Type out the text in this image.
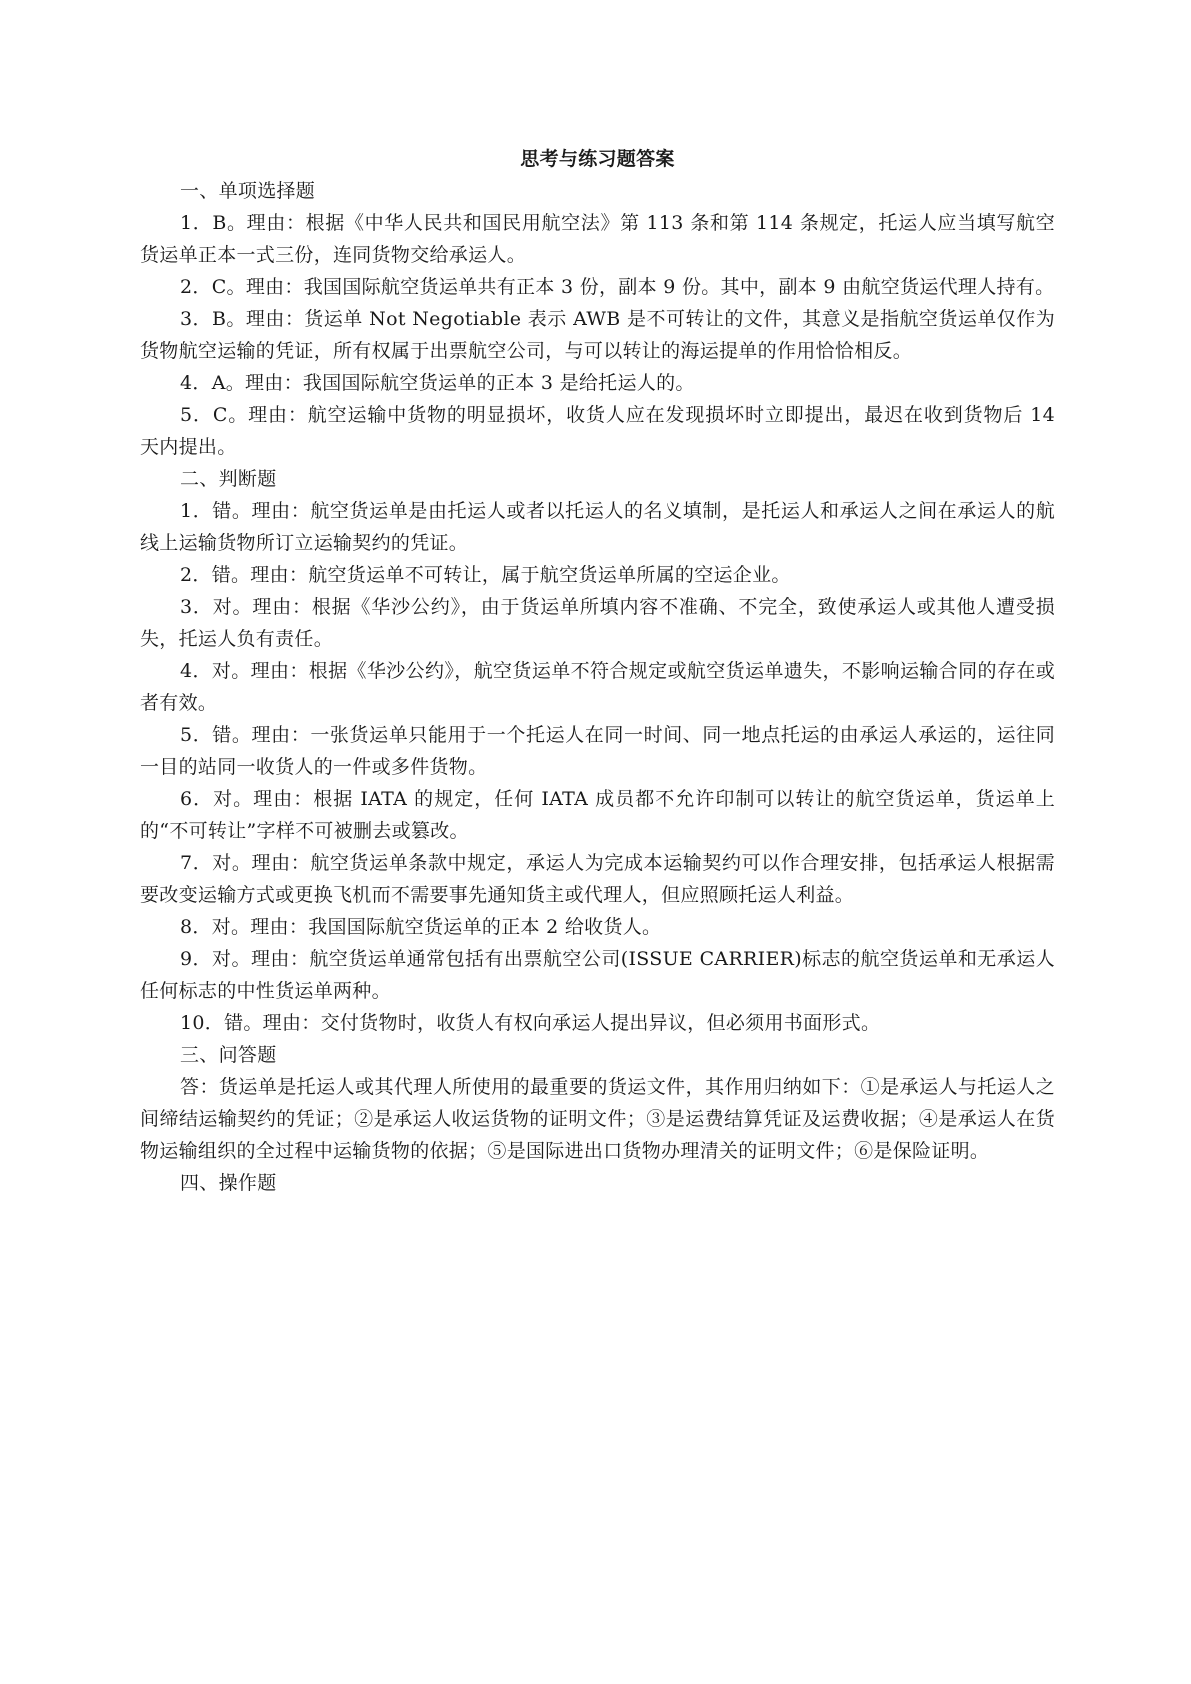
思考与练习题答案

一、单项选择题

1．B。理由：根据《中华人民共和国民用航空法》第 113 条和第 114 条规定，托运人应当填写航空货运单正本一式三份，连同货物交给承运人。

2．C。理由：我国国际航空货运单共有正本 3 份，副本 9 份。其中，副本 9 由航空货运代理人持有。

3．B。理由：货运单 Not Negotiable 表示 AWB 是不可转让的文件，其意义是指航空货运单仅作为货物航空运输的凭证，所有权属于出票航空公司，与可以转让的海运提单的作用恰恰相反。

4．A。理由：我国国际航空货运单的正本 3 是给托运人的。

5．C。理由：航空运输中货物的明显损坏，收货人应在发现损坏时立即提出，最迟在收到货物后 14 天内提出。

二、判断题

1．错。理由：航空货运单是由托运人或者以托运人的名义填制，是托运人和承运人之间在承运人的航线上运输货物所订立运输契约的凭证。

2．错。理由：航空货运单不可转让，属于航空货运单所属的空运企业。

3．对。理由：根据《华沙公约》，由于货运单所填内容不准确、不完全，致使承运人或其他人遭受损失，托运人负有责任。

4．对。理由：根据《华沙公约》，航空货运单不符合规定或航空货运单遗失，不影响运输合同的存在或者有效。

5．错。理由：一张货运单只能用于一个托运人在同一时间、同一地点托运的由承运人承运的，运往同一目的站同一收货人的一件或多件货物。

6．对。理由：根据 IATA 的规定，任何 IATA 成员都不允许印制可以转让的航空货运单，货运单上的“不可转让”字样不可被删去或篡改。

7．对。理由：航空货运单条款中规定，承运人为完成本运输契约可以作合理安排，包括承运人根据需要改变运输方式或更换飞机而不需要事先通知货主或代理人，但应照顾托运人利益。

8．对。理由：我国国际航空货运单的正本 2 给收货人。

9．对。理由：航空货运单通常包括有出票航空公司(ISSUE CARRIER)标志的航空货运单和无承运人任何标志的中性货运单两种。

10．错。理由：交付货物时，收货人有权向承运人提出异议，但必须用书面形式。

三、问答题

答：货运单是托运人或其代理人所使用的最重要的货运文件，其作用归纳如下：①是承运人与托运人之间缔结运输契约的凭证；②是承运人收运货物的证明文件；③是运费结算凭证及运费收据；④是承运人在货物运输组织的全过程中运输货物的依据；⑤是国际进出口货物办理清关的证明文件；⑥是保险证明。

四、操作题
